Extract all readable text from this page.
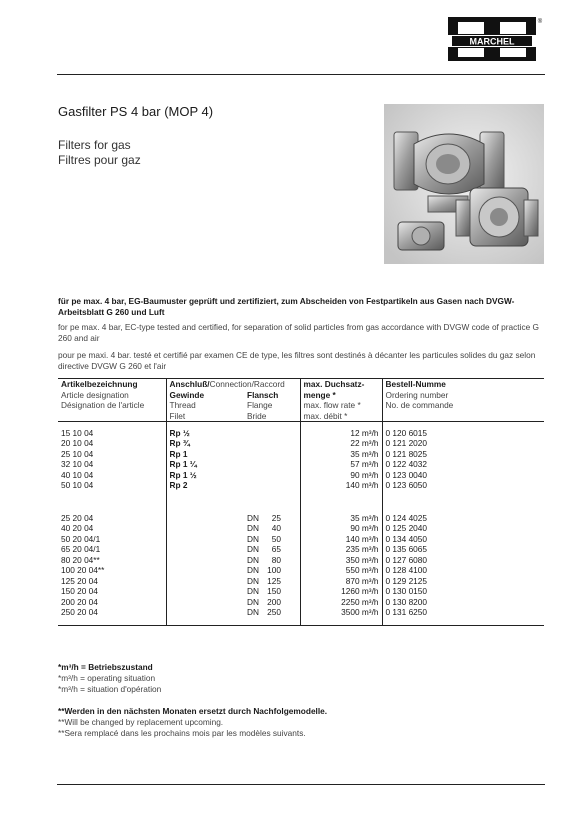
MARCHEL
®
Gasfilter PS 4 bar (MOP 4)
Filters for gas
Filtres pour gaz
für pe max. 4 bar, EG-Baumuster geprüft und zertifiziert, zum Abscheiden von Festpartikeln aus Gasen nach DVGW-Arbeitsblatt G 260 und Luft
for pe max. 4 bar, EC-type tested and certified, for separation of solid particles from gas accordance with DVGW code of practice G 260 and air
pour pe maxi. 4 bar. testé et certifié par examen CE de type, les filtres sont destinés à décanter les particules solides du gaz selon directive DVGW G 260 et l'air
Artikelbezeichnung	Anschluß/Connection/Raccord		max. Duchsatz-	Bestell-Numme
Article designation	Gewinde	Flansch	menge *	Ordering number
Désignation de l'article	Thread	Flange	max. flow rate *	No. de commande
	Filet	Bride	max. débit *	

15 10 04	Rp ½		12 m³/h	0 120 6015
20 10 04	Rp ¾		22 m³/h	0 121 2020
25 10 04	Rp 1		35 m³/h	0 121 8025
32 10 04	Rp 1 ¼		57 m³/h	0 122 4032
40 10 04	Rp 1 ½		90 m³/h	0 123 0040
50 10 04	Rp 2		140 m³/h	0 123 6050

25 20 04		DN 25	35 m³/h	0 124 4025
40 20 04		DN 40	90 m³/h	0 125 2040
50 20 04/1		DN 50	140 m³/h	0 134 4050
65 20 04/1		DN 65	235 m³/h	0 135 6065
80 20 04**		DN 80	350 m³/h	0 127 6080
100 20 04**		DN 100	550 m³/h	0 128 4100
125 20 04		DN 125	870 m³/h	0 129 2125
150 20 04		DN 150	1260 m³/h	0 130 0150
200 20 04		DN 200	2250 m³/h	0 130 8200
250 20 04		DN 250	3500 m³/h	0 131 6250

*m³/h = Betriebszustand
*m³/h = operating situation
*m³/h = situation d'opération
**Werden in den nächsten Monaten ersetzt durch Nachfolgemodelle.
**Will be changed by replacement upcoming.
**Sera remplacé dans les prochains mois par les modèles suivants.
